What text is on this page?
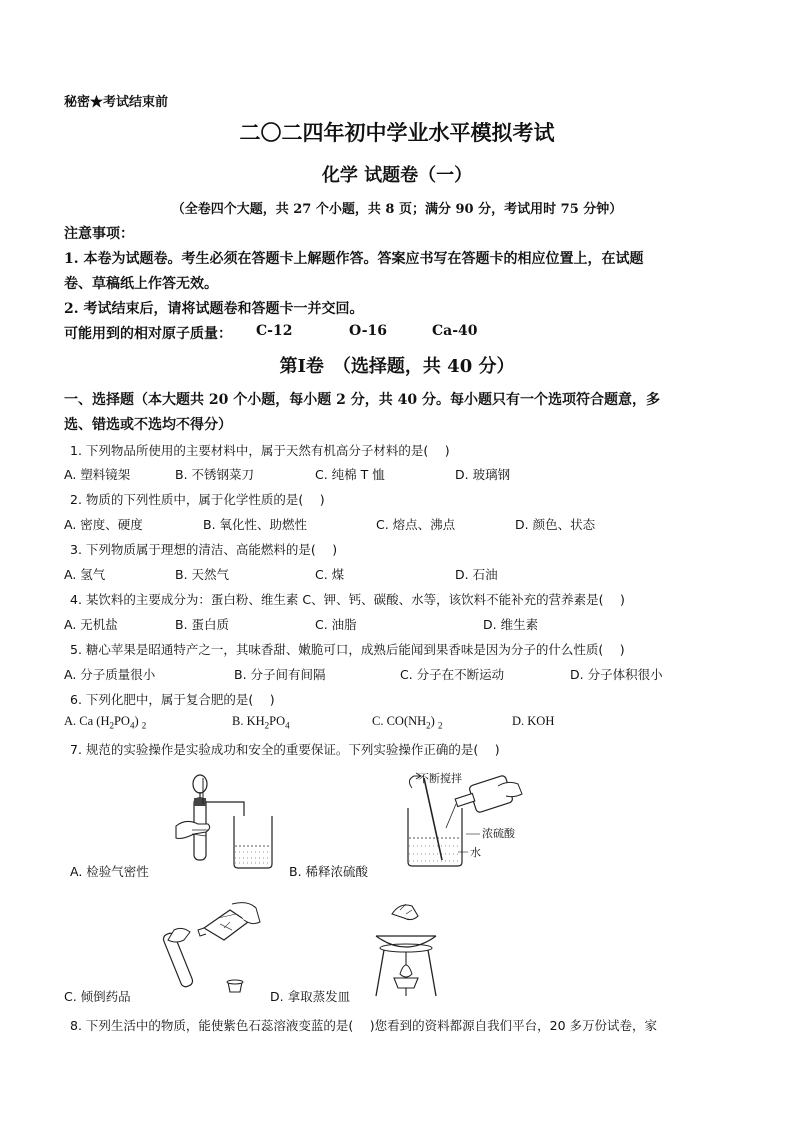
秘密★考试结束前
二〇二四年初中学业水平模拟考试
化学 试题卷（一）
（全卷四个大题，共 27 个小题，共 8 页；满分 90 分，考试用时 75 分钟）
注意事项：
1. 本卷为试题卷。考生必须在答题卡上解题作答。答案应书写在答题卡的相应位置上，在试题
卷、草稿纸上作答无效。
2. 考试结束后，请将试题卷和答题卡一并交回。
可能用到的相对原子质量： C-12	O-16	Ca-40
第Ⅰ卷　（选择题，共 40 分）
一、选择题（本大题共 20 个小题，每小题 2 分，共 40 分。每小题只有一个选项符合题意，多
选、错选或不选均不得分）
1. 下列物品所使用的主要材料中，属于天然有机高分子材料的是(　 )
A. 塑料镜架	B. 不锈钢菜刀	C. 纯棉 T 恤	D. 玻璃钢
2. 物质的下列性质中，属于化学性质的是(　 )
A. 密度、硬度	B. 氧化性、助燃性	C. 熔点、沸点	D. 颜色、状态
3. 下列物质属于理想的清洁、高能燃料的是(　 )
A. 氢气	B. 天然气	C. 煤	D. 石油
4. 某饮料的主要成分为：蛋白粉、维生素 C、钾、钙、碳酸、水等，该饮料不能补充的营养素是(　 )
A. 无机盐	B. 蛋白质	C. 油脂	D. 维生素
5. 糖心苹果是昭通特产之一，其味香甜、嫩脆可口，成熟后能闻到果香味是因为分子的什么性质(　 )
A. 分子质量很小	B. 分子间有间隔	C. 分子在不断运动	D. 分子体积很小
6. 下列化肥中，属于复合肥的是(　 )
A. Ca $(H_2PO_4)$ $_2$	B. $KH_2PO_4$	C. $CO(NH_2)$ $_2$	D. KOH
7. 规范的实验操作是实验成功和安全的重要保证。下列实验操作正确的是(　 )
A. 检验气密性
不断搅拌
浓硫酸
水
B. 稀释浓硫酸
C. 倾倒药品	D. 拿取蒸发皿
8. 下列生活中的物质，能使紫色石蕊溶液变蓝的是(　 )您看到的资料都源自我们平台，20 多万份试卷，家
